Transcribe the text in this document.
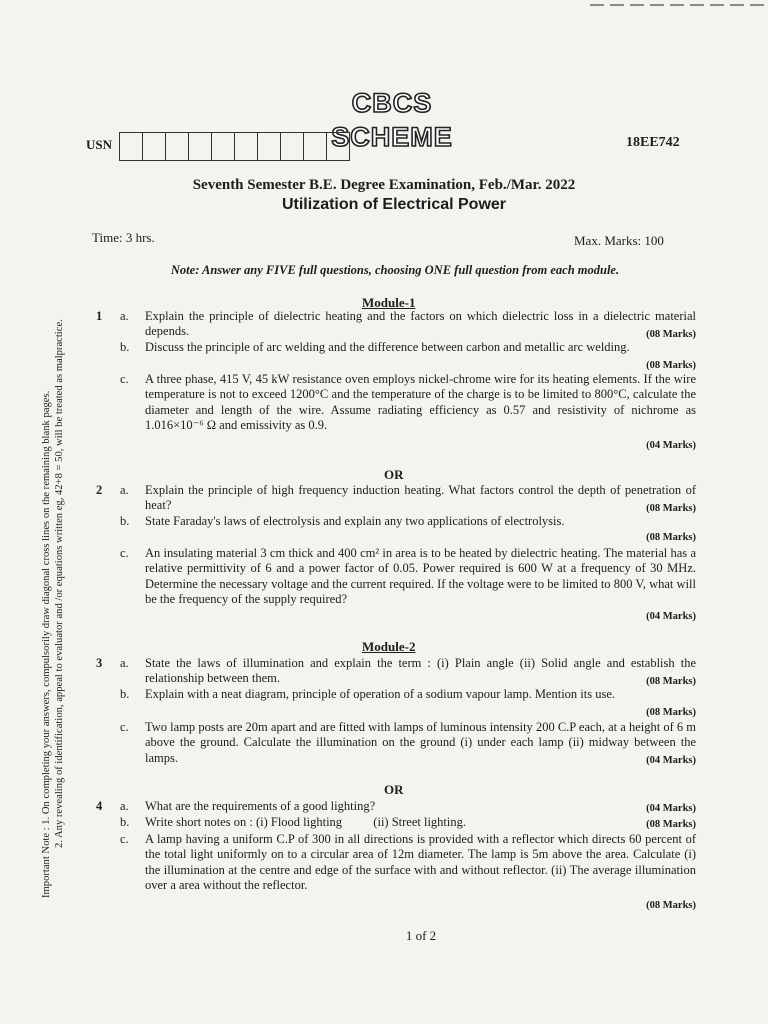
CBCS SCHEME
USN	18EE742
Seventh Semester B.E. Degree Examination, Feb./Mar. 2022
Utilization of Electrical Power
Time: 3 hrs.	Max. Marks: 100
Note: Answer any FIVE full questions, choosing ONE full question from each module.
Module-1
1 a. Explain the principle of dielectric heating and the factors on which dielectric loss in a dielectric material depends.	(08 Marks)
b. Discuss the principle of arc welding and the difference between carbon and metallic arc welding.
(08 Marks)
c. A three phase, 415 V, 45 kW resistance oven employs nickel-chrome wire for its heating elements. If the wire temperature is not to exceed 1200°C and the temperature of the charge is to be limited to 800°C, calculate the diameter and length of the wire. Assume radiating efficiency as 0.57 and resistivity of nichrome as 1.016×10⁻⁶ Ω and emissivity as 0.9.
(04 Marks)
OR
2 a. Explain the principle of high frequency induction heating. What factors control the depth of penetration of heat?	(08 Marks)
b. State Faraday's laws of electrolysis and explain any two applications of electrolysis.
(08 Marks)
c. An insulating material 3 cm thick and 400 cm² in area is to be heated by dielectric heating. The material has a relative permittivity of 6 and a power factor of 0.05. Power required is 600 W at a frequency of 30 MHz. Determine the necessary voltage and the current required. If the voltage were to be limited to 800 V, what will be the frequency of the supply required?
(04 Marks)
Module-2
3 a. State the laws of illumination and explain the term : (i) Plain angle (ii) Solid angle and establish the relationship between them.	(08 Marks)
b. Explain with a neat diagram, principle of operation of a sodium vapour lamp. Mention its use.
(08 Marks)
c. Two lamp posts are 20m apart and are fitted with lamps of luminous intensity 200 C.P each, at a height of 6 m above the ground. Calculate the illumination on the ground (i) under each lamp (ii) midway between the lamps.	(04 Marks)
OR
4 a. What are the requirements of a good lighting?	(04 Marks)
b. Write short notes on : (i) Flood lighting          (ii) Street lighting.	(08 Marks)
c. A lamp having a uniform C.P of 300 in all directions is provided with a reflector which directs 60 percent of the total light uniformly on to a circular area of 12m diameter. The lamp is 5m above the area. Calculate (i) the illumination at the centre and edge of the surface with and without reflector. (ii) The average illumination over a area without the reflector.
(08 Marks)
Important Note : 1. On completing your answers, compulsorily draw diagonal cross lines on the remaining blank pages. 2. Any revealing of identification, appeal to evaluator and /or equations written eg, 42+8 = 50, will be treated as malpractice.
1 of 2
